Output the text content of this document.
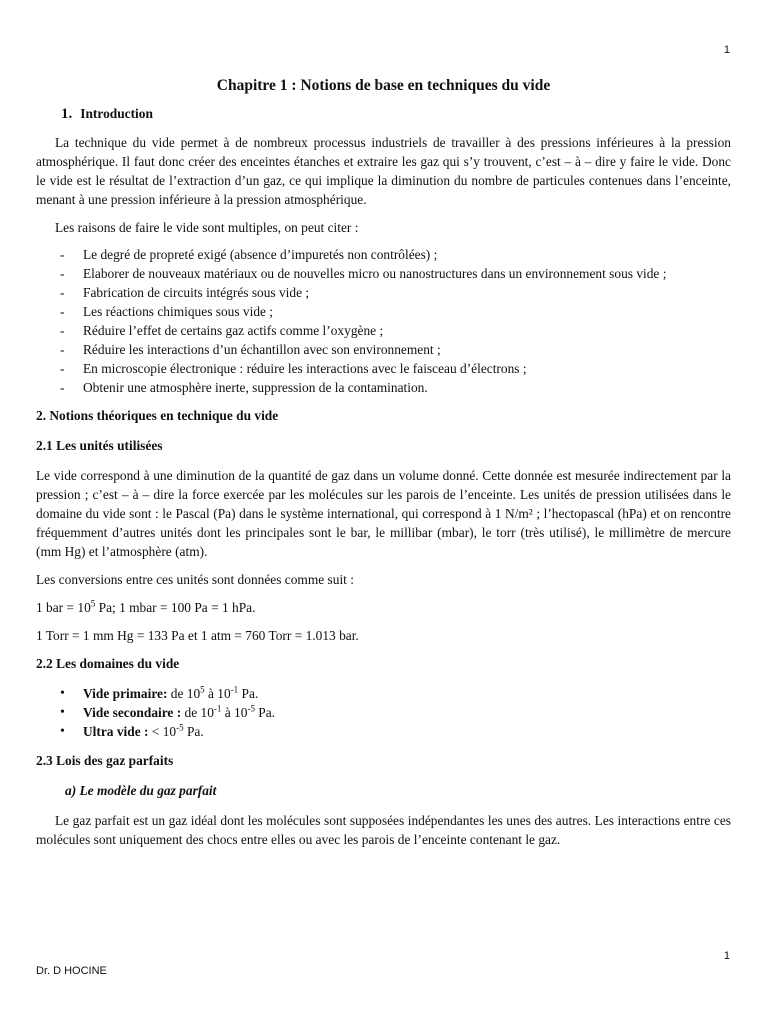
1
Chapitre 1 : Notions de base en techniques du vide
1. Introduction

La technique du vide permet à de nombreux processus industriels de travailler à des pressions inférieures à la pression atmosphérique. Il faut donc créer des enceintes étanches et extraire les gaz qui s’y trouvent, c’est – à – dire y faire le vide. Donc le vide est le résultat de l’extraction d’un gaz, ce qui implique la diminution du nombre de particules contenues dans l’enceinte, menant à une pression inférieure à la pression atmosphérique.

Les raisons de faire le vide sont multiples, on peut citer :

- Le degré de propreté exigé (absence d’impuretés non contrôlées) ;
- Elaborer de nouveaux matériaux ou de nouvelles micro ou nanostructures dans un environnement sous vide ;
- Fabrication de circuits intégrés sous vide ;
- Les réactions chimiques sous vide ;
- Réduire l’effet de certains gaz actifs comme l’oxygène ;
- Réduire les interactions d’un échantillon avec son environnement ;
- En microscopie électronique : réduire les interactions avec le faisceau d’électrons ;
- Obtenir une atmosphère inerte, suppression de la contamination.
2. Notions théoriques en technique du vide
2.1 Les unités utilisées

Le vide correspond à une diminution de la quantité de gaz dans un volume donné. Cette donnée est mesurée indirectement par la pression ; c’est – à – dire la force exercée par les molécules sur les parois de l’enceinte. Les unités de pression utilisées dans le domaine du vide sont : le Pascal (Pa) dans le système international, qui correspond à 1 N/m² ; l’hectopascal (hPa) et on rencontre fréquemment d’autres unités dont les principales sont le bar, le millibar (mbar), le torr (très utilisé), le millimètre de mercure (mm Hg) et l’atmosphère (atm).

Les conversions entre ces unités sont données comme suit :

1 bar = $10^5$ Pa; 1 mbar = 100 Pa = 1 hPa.

1 Torr = 1 mm Hg = 133 Pa et 1 atm = 760 Torr = 1.013 bar.

2.2 Les domaines du vide
• Vide primaire: de $10^5$ à $10^{-1}$ Pa.
• Vide secondaire : de $10^{-1}$ à $10^{-5}$ Pa.
• Ultra vide : < $10^{-5}$ Pa.
2.3 Lois des gaz parfaits
a) Le modèle du gaz parfait

Le gaz parfait est un gaz idéal dont les molécules sont supposées indépendantes les unes des autres. Les interactions entre ces molécules sont uniquement des chocs entre elles ou avec les parois de l’enceinte contenant le gaz.

1
Dr. D HOCINE
